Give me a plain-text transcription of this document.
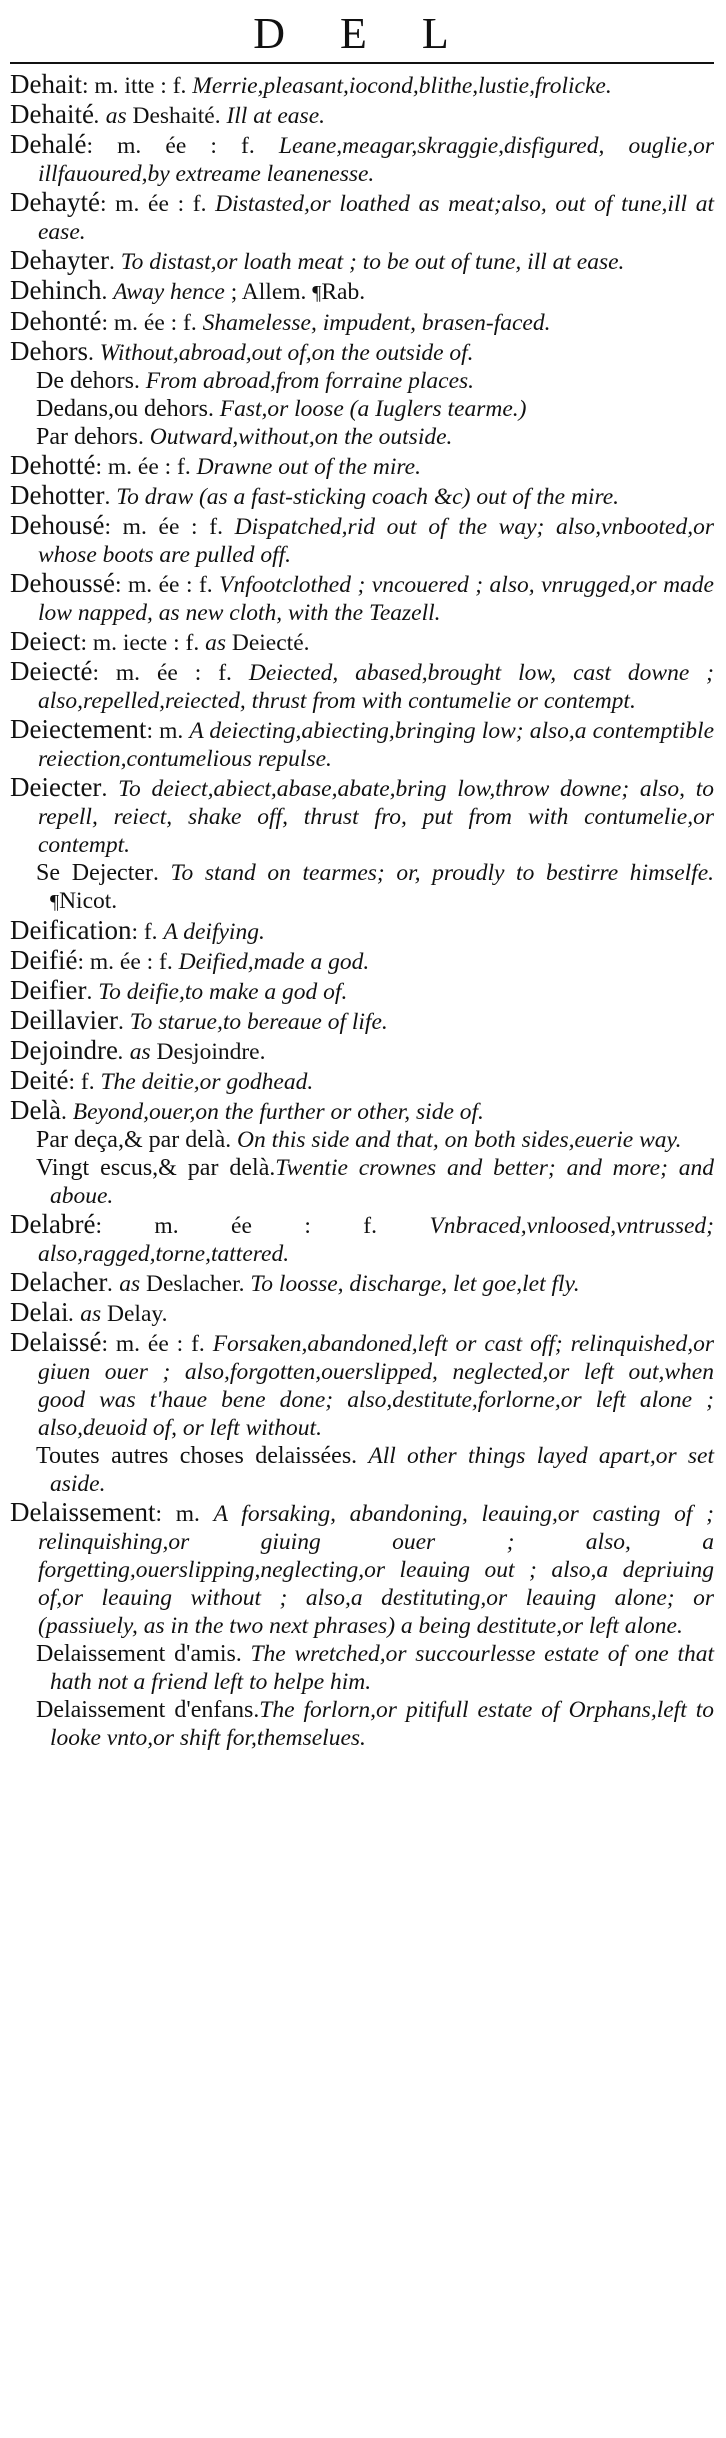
D E L

Dehait: m. itte : f. Merrie,pleasant,iocond,blithe,lustie,frolicke.

Dehaité. as Deshaité. Ill at ease.

Dehalé: m. ée : f. Leane,meagar,skraggie,disfigured, ouglie,or illfauoured,by extreame leanenesse.

Dehayté: m. ée : f. Distasted,or loathed as meat;also, out of tune,ill at ease.

Dehayter. To distast,or loath meat ; to be out of tune, ill at ease.

Dehinch. Away hence ; Allem. ¶Rab.

Dehonté: m. ée : f. Shamelesse, impudent, brasen-faced.

Dehors. Without,abroad,out of,on the outside of.

De dehors. From abroad,from forraine places.

Dedans,ou dehors. Fast,or loose (a Iuglers tearme.)

Par dehors. Outward,without,on the outside.

Dehotté: m. ée : f. Drawne out of the mire.

Dehotter. To draw (as a fast-sticking coach &c) out of the mire.

Dehousé: m. ée : f. Dispatched,rid out of the way; also,vnbooted,or whose boots are pulled off.

Dehoussé: m. ée : f. Vnfootclothed ; vncouered ; also, vnrugged,or made low napped, as new cloth, with the Teazell.

Deiect: m. iecte : f. as Deiecté.

Deiecté: m. ée : f. Deiected, abased,brought low, cast downe ; also,repelled,reiected, thrust from with contumelie or contempt.

Deiectement: m. A deiecting,abiecting,bringing low; also,a contemptible reiection,contumelious repulse.

Deiecter. To deiect,abiect,abase,abate,bring low,throw downe; also, to repell, reiect, shake off, thrust fro, put from with contumelie,or contempt.

Se Dejecter. To stand on tearmes; or, proudly to bestirre himselfe. ¶Nicot.

Deification: f. A deifying.

Deifié: m. ée : f. Deified,made a god.

Deifier. To deifie,to make a god of.

Deillavier. To starue,to bereaue of life.

Dejoindre. as Desjoindre.

Deité: f. The deitie,or godhead.

Delà. Beyond,ouer,on the further or other, side of.

Par deça,& par delà. On this side and that, on both sides,euerie way.

Vingt escus,& par delà.Twentie crownes and better; and more; and aboue.

Delabré: m. ée : f. Vnbraced,vnloosed,vntrussed; also,ragged,torne,tattered.

Delacher. as Deslacher. To loosse, discharge, let goe,let fly.

Delai. as Delay.

Delaissé: m. ée : f. Forsaken,abandoned,left or cast off; relinquished,or giuen ouer ; also,forgotten,ouerslipped, neglected,or left out,when good was t'haue bene done; also,destitute,forlorne,or left alone ; also,deuoid of, or left without.

Toutes autres choses delaissées. All other things layed apart,or set aside.

Delaissement: m. A forsaking, abandoning, leauing,or casting of ; relinquishing,or giuing ouer ; also, a forgetting,ouerslipping,neglecting,or leauing out ; also,a depriuing of,or leauing without ; also,a destituting,or leauing alone; or (passiuely, as in the two next phrases) a being destitute,or left alone.

Delaissement d'amis. The wretched,or succourlesse estate of one that hath not a friend left to helpe him.

Delaissement d'enfans.The forlorn,or pitifull estate of Orphans,left to looke vnto,or shift for,themselues.
